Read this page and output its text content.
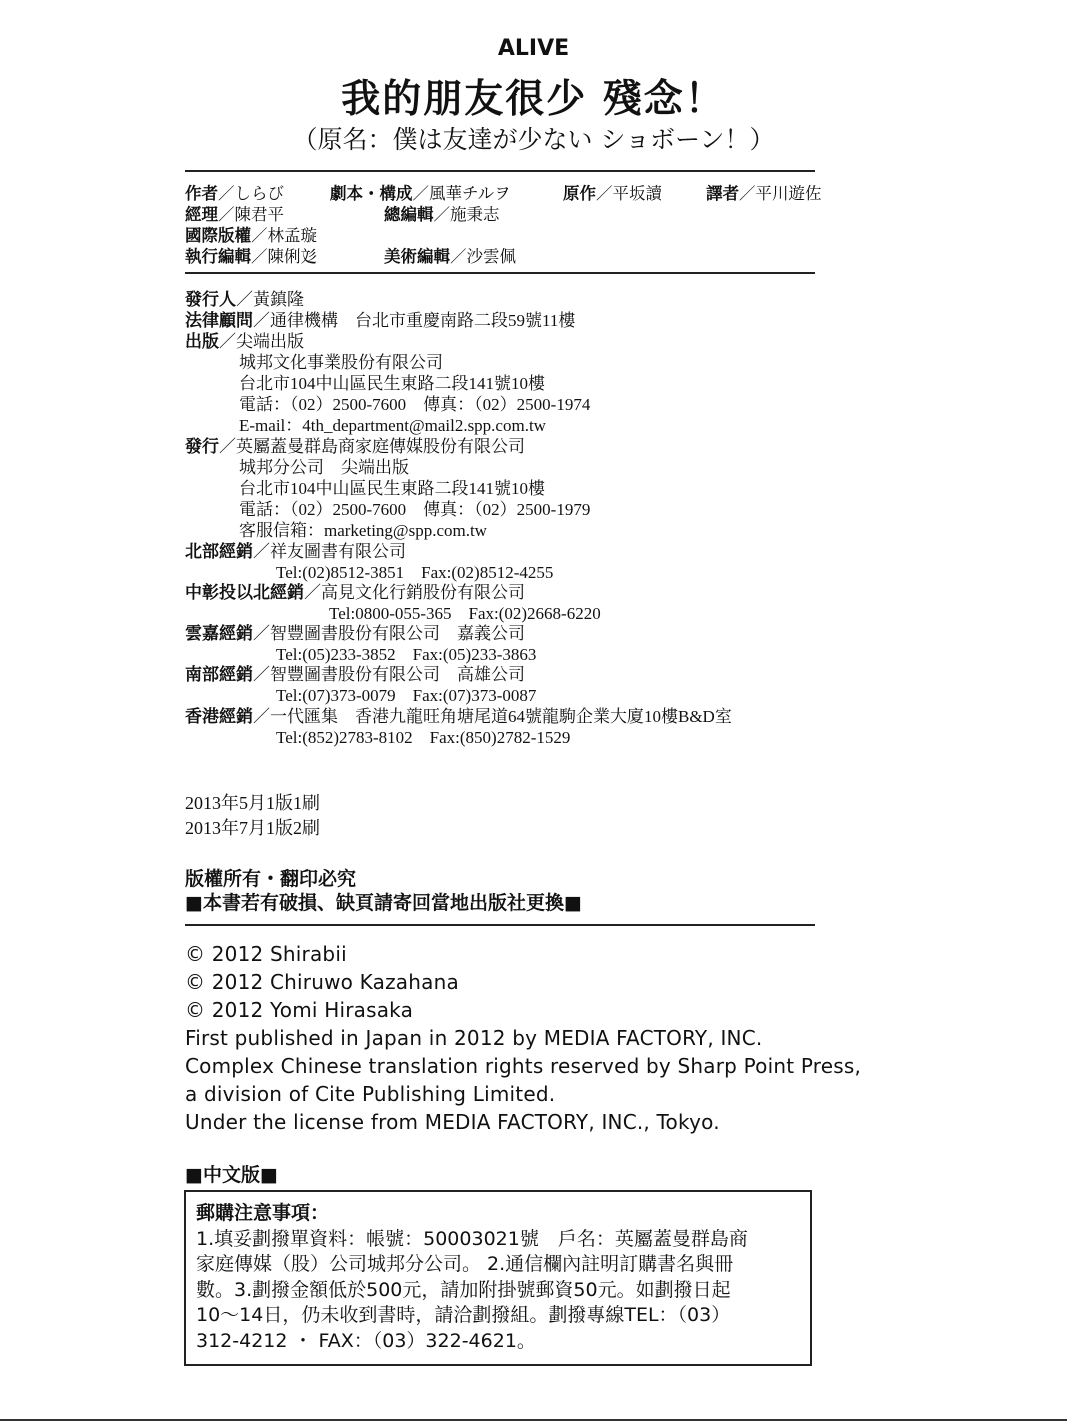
ALIVE
我的朋友很少 殘念！
（原名：僕は友達が少ない ショボーン！）
作者／しらび	劇本・構成／風華チルヲ	原作／平坂讀	譯者／平川遊佐
經理／陳君平	總編輯／施秉志
國際版權／林孟璇
執行編輯／陳俐彣	美術編輯／沙雲佩
發行人／黃鎮隆
法律顧問／通律機構　台北市重慶南路二段59號11樓
出版／尖端出版
城邦文化事業股份有限公司
台北市104中山區民生東路二段141號10樓
電話：（02）2500-7600　傳真：（02）2500-1974
E-mail：4th_department@mail2.spp.com.tw
發行／英屬蓋曼群島商家庭傳媒股份有限公司
城邦分公司　尖端出版
台北市104中山區民生東路二段141號10樓
電話：（02）2500-7600　傳真：（02）2500-1979
客服信箱：marketing@spp.com.tw
北部經銷／祥友圖書有限公司
Tel:(02)8512-3851　Fax:(02)8512-4255
中彰投以北經銷／高見文化行銷股份有限公司
Tel:0800-055-365　Fax:(02)2668-6220
雲嘉經銷／智豐圖書股份有限公司　嘉義公司
Tel:(05)233-3852　Fax:(05)233-3863
南部經銷／智豐圖書股份有限公司　高雄公司
Tel:(07)373-0079　Fax:(07)373-0087
香港經銷／一代匯集　香港九龍旺角塘尾道64號龍駒企業大廈10樓B&D室
Tel:(852)2783-8102　Fax:(850)2782-1529
2013年5月1版1刷
2013年7月1版2刷
版權所有・翻印必究
■本書若有破損、缺頁請寄回當地出版社更換■
© 2012 Shirabii
© 2012 Chiruwo Kazahana
© 2012 Yomi Hirasaka
First published in Japan in 2012 by MEDIA FACTORY, INC.
Complex Chinese translation rights reserved by Sharp Point Press,
a division of Cite Publishing Limited.
Under the license from MEDIA FACTORY, INC., Tokyo.
■中文版■
郵購注意事項：
1.填妥劃撥單資料：帳號：50003021號　戶名：英屬蓋曼群島商
家庭傳媒（股）公司城邦分公司。 2.通信欄內註明訂購書名與冊
數。3.劃撥金額低於500元，請加附掛號郵資50元。如劃撥日起
10～14日，仍未收到書時，請洽劃撥組。劃撥專線TEL：（03）
312-4212 ・ FAX：（03）322-4621。
